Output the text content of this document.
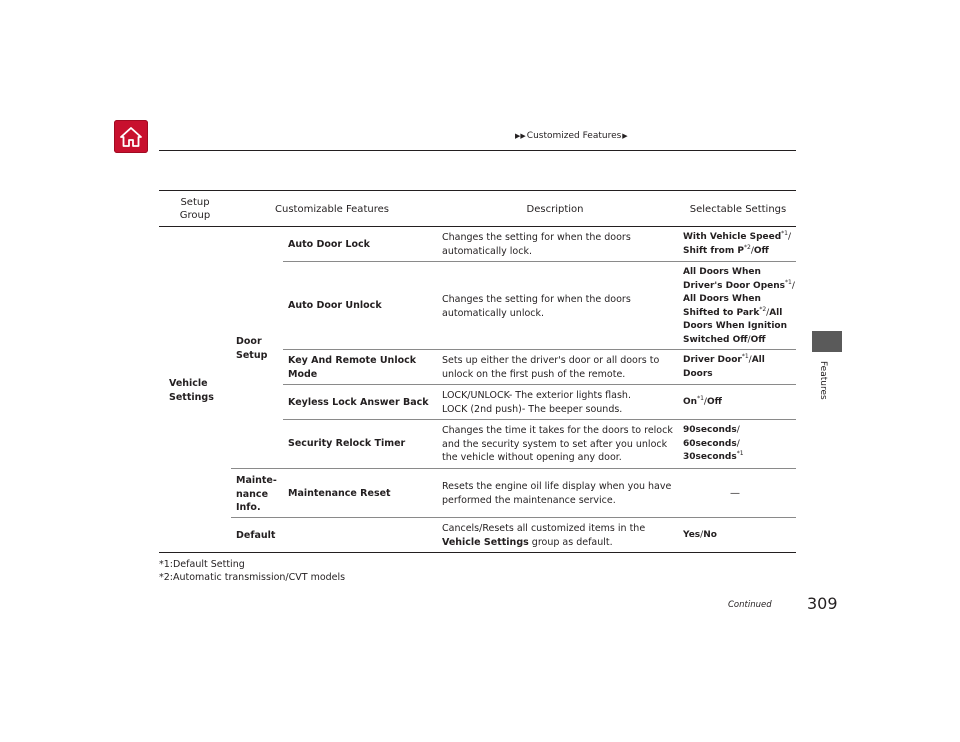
▶▶ Customized Features ▶
Features
Setup
Group
Customizable Features	Description	Selectable Settings
Vehicle
Settings
Door
Setup
Mainte-
nance
Info.
Auto Door Lock
Changes the setting for when the doors
automatically lock.
With Vehicle Speed$^{*1}$/
Shift from $P^{*2}$/Off
Auto Door Unlock
Changes the setting for when the doors
automatically unlock.
All Doors When
Driver's Door Opens$^{*1}$/
All Doors When
Shifted to Park$^{*2}$/All
Doors When Ignition
Switched Off/Off
Key And Remote Unlock
Mode
Sets up either the driver's door or all doors to
unlock on the first push of the remote.
Driver Door$^{*1}$/All
Doors
Keyless Lock Answer Back
LOCK/UNLOCK- The exterior lights flash.
LOCK (2nd push)- The beeper sounds.
On$^{*1}$/Off
Security Relock Timer
Changes the time it takes for the doors to relock
and the security system to set after you unlock
the vehicle without opening any door.
90seconds/
60seconds/
30seconds$^{*1}$
Maintenance Reset
Resets the engine oil life display when you have
performed the maintenance service.
—
Default
Cancels/Resets all customized items in the
Vehicle Settings group as default.
Yes/No
*1:Default Setting
*2:Automatic transmission/CVT models
Continued 309
